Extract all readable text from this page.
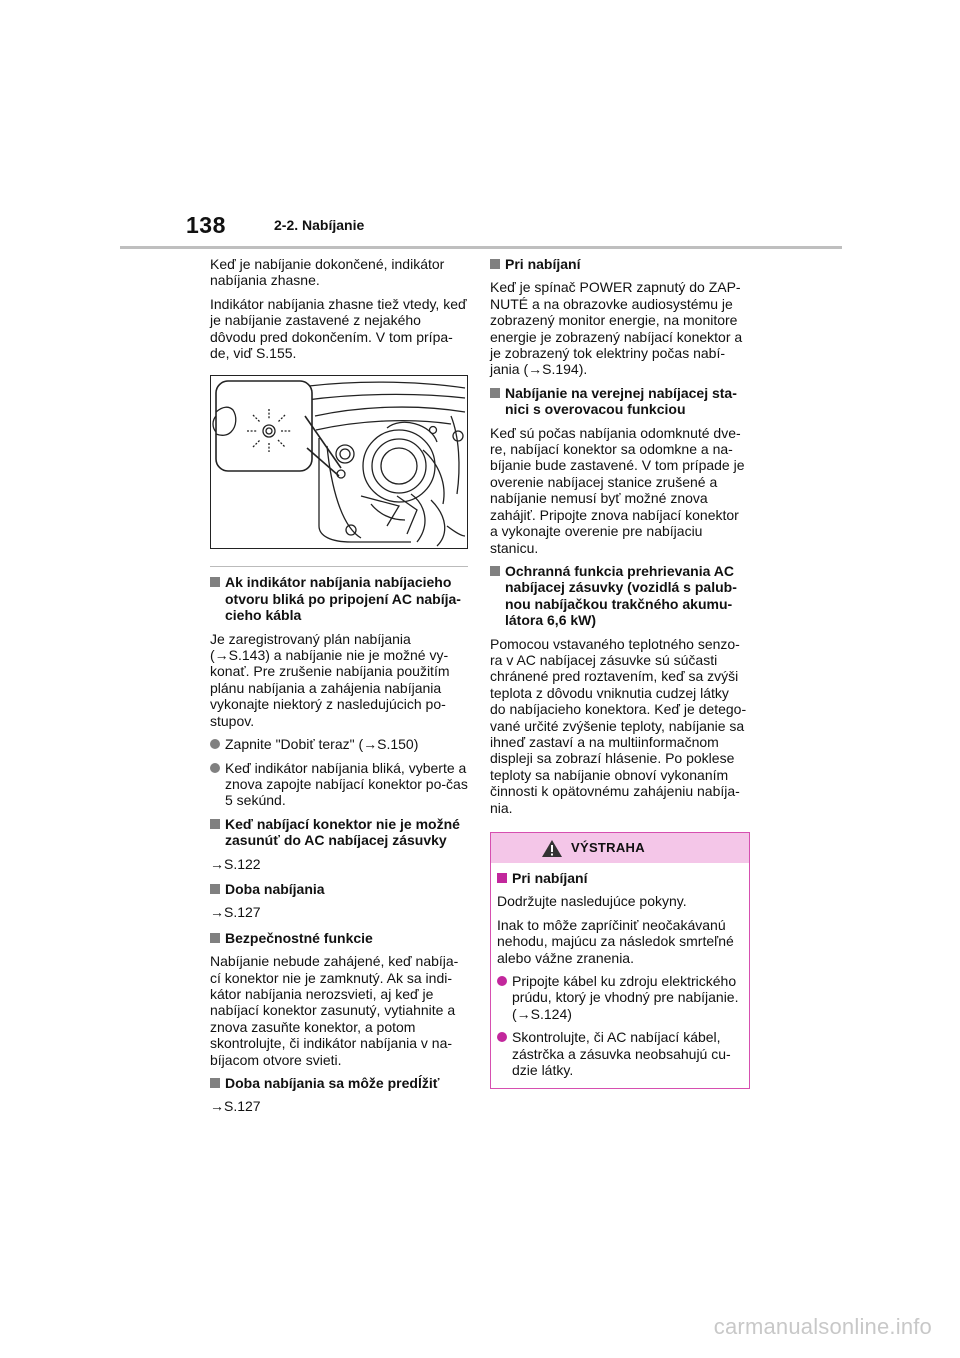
138	2-2. Nabíjanie

Keď je nabíjanie dokončené, indikátor nabíjania zhasne.

Indikátor nabíjania zhasne tiež vtedy, keď je nabíjanie zastavené z nejakého dôvodu pred dokončením. V tom prípa-de, viď S.155.

Ak indikátor nabíjania nabíjacieho otvoru bliká po pripojení AC nabíja-cieho kábla

Je zaregistrovaný plán nabíjania (→S.143) a nabíjanie nie je možné vy-konať. Pre zrušenie nabíjania použitím plánu nabíjania a zahájenia nabíjania vykonajte niektorý z nasledujúcich po-stupov.

Zapnite "Dobiť teraz" (→S.150)
Keď indikátor nabíjania bliká, vyberte a znova zapojte nabíjací konektor po-čas 5 sekúnd.
Keď nabíjací konektor nie je možné zasunúť do AC nabíjacej zásuvky

→S.122

Doba nabíjania

→S.127

Bezpečnostné funkcie

Nabíjanie nebude zahájené, keď nabíja-cí konektor nie je zamknutý. Ak sa indi-kátor nabíjania nerozsvieti, aj keď je nabíjací konektor zasunutý, vytiahnite a znova zasuňte konektor, a potom skontrolujte, či indikátor nabíjania v na-bíjacom otvore svieti.

Doba nabíjania sa môže predĺžiť

→S.127

Pri nabíjaní

Keď je spínač POWER zapnutý do ZAP-NUTÉ a na obrazovke audiosystému je zobrazený monitor energie, na monitore energie je zobrazený nabíjací konektor a je zobrazený tok elektriny počas nabí-jania (→S.194).

Nabíjanie na verejnej nabíjacej sta-nici s overovacou funkciou

Keď sú počas nabíjania odomknuté dve-re, nabíjací konektor sa odomkne a na-bíjanie bude zastavené. V tom prípade je overenie nabíjacej stanice zrušené a nabíjanie nemusí byť možné znova zahájiť. Pripojte znova nabíjací konektor a vykonajte overenie pre nabíjaciu stanicu.

Ochranná funkcia prehrievania AC nabíjacej zásuvky (vozidlá s palub-nou nabíjačkou trakčného akumu-látora 6,6 kW)

Pomocou vstavaného teplotného senzo-ra v AC nabíjacej zásuvke sú súčasti chránené pred roztavením, keď sa zvýši teplota z dôvodu vniknutia cudzej látky do nabíjacieho konektora. Keď je detego-vané určité zvýšenie teploty, nabíjanie sa ihneď zastaví a na multiinformačnom displeji sa zobrazí hlásenie. Po poklese teploty sa nabíjanie obnoví vykonaním činnosti k opätovnému zahájeniu nabíja-nia.

VÝSTRAHA
Pri nabíjaní

Dodržujte nasledujúce pokyny.

Inak to môže zapríčiniť neočakávanú nehodu, majúcu za následok smrteľné alebo vážne zranenia.

Pripojte kábel ku zdroju elektrického prúdu, ktorý je vhodný pre nabíjanie. (→S.124)
Skontrolujte, či AC nabíjací kábel, zástrčka a zásuvka neobsahujú cu-dzie látky.
carmanualsonline.info
